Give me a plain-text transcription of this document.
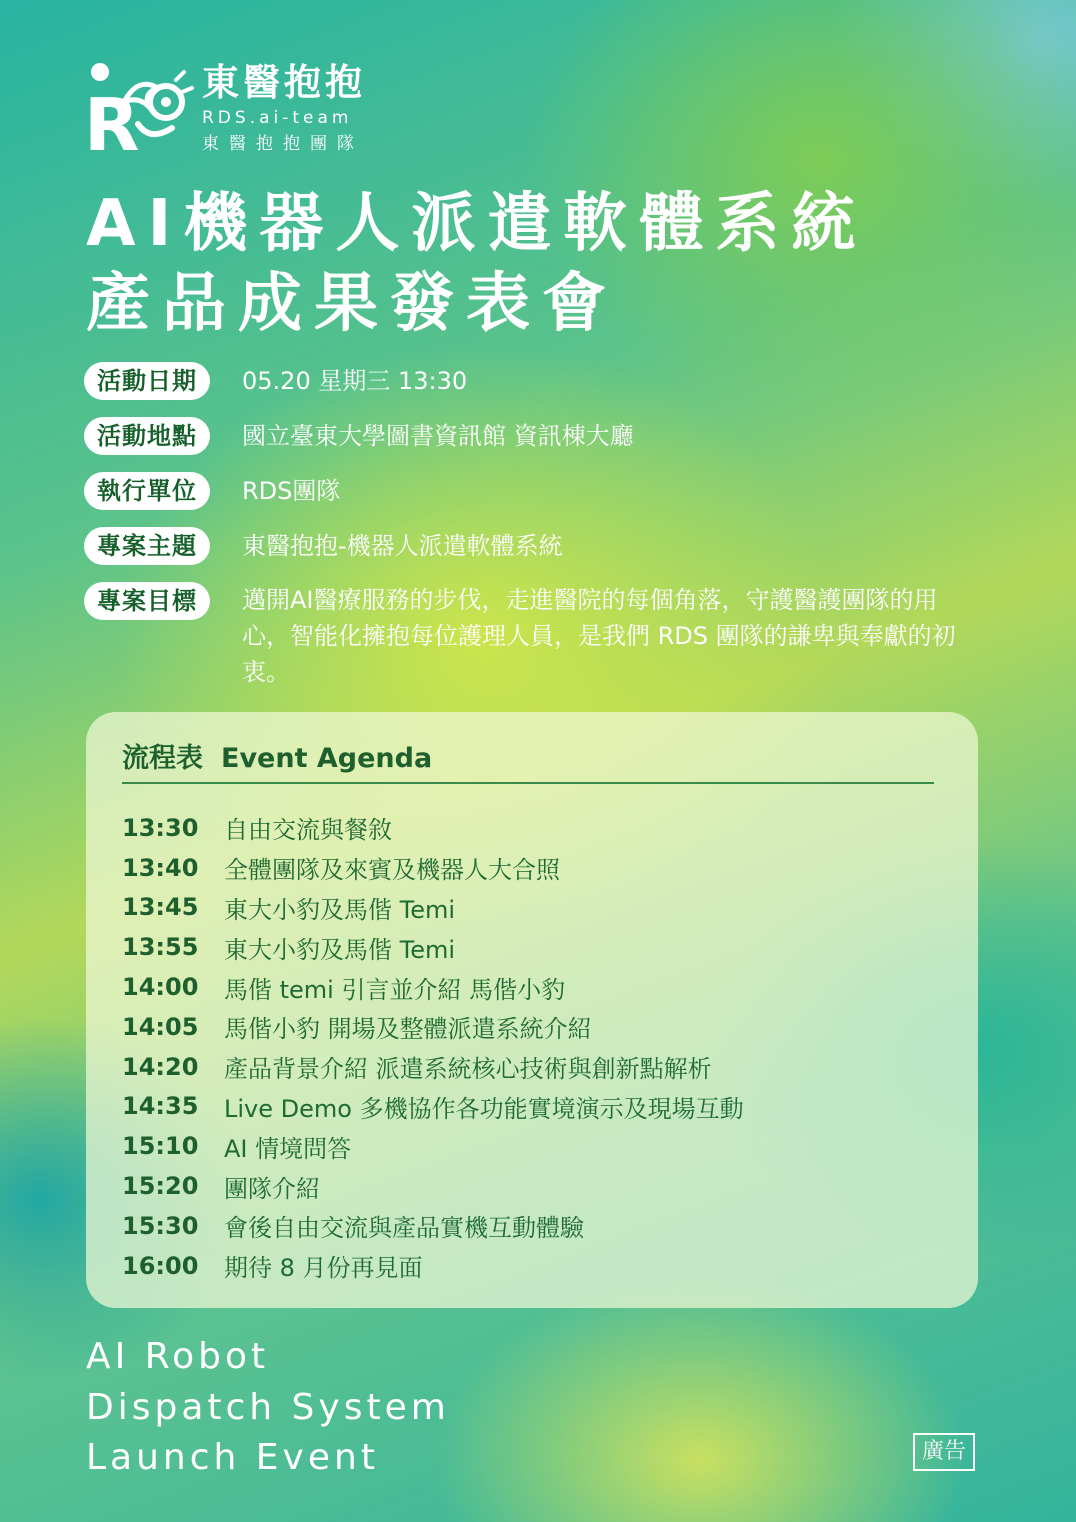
R
東醫抱抱
RDS.ai-team
東醫抱抱團隊
AI機器人派遣軟體系統
產品成果發表會
活動日期	05.20 星期三 13:30
活動地點	國立臺東大學圖書資訊館 資訊棟大廳
執行單位	RDS團隊
專案主題	東醫抱抱-機器人派遣軟體系統
專案目標	邁開AI醫療服務的步伐，走進醫院的每個角落，守護醫護團隊的用心，智能化擁抱每位護理人員，是我們 RDS 團隊的謙卑與奉獻的初衷。
流程表 Event Agenda
13:30	自由交流與餐敘
13:40	全體團隊及來賓及機器人大合照
13:45	東大小豹及馬偕 Temi
13:55	東大小豹及馬偕 Temi
14:00	馬偕 temi 引言並介紹 馬偕小豹
14:05	馬偕小豹 開場及整體派遣系統介紹
14:20	產品背景介紹 派遣系統核心技術與創新點解析
14:35	Live Demo 多機協作各功能實境演示及現場互動
15:10	AI 情境問答
15:20	團隊介紹
15:30	會後自由交流與產品實機互動體驗
16:00	期待 8 月份再見面
AI Robot
Dispatch System
Launch Event	廣告
